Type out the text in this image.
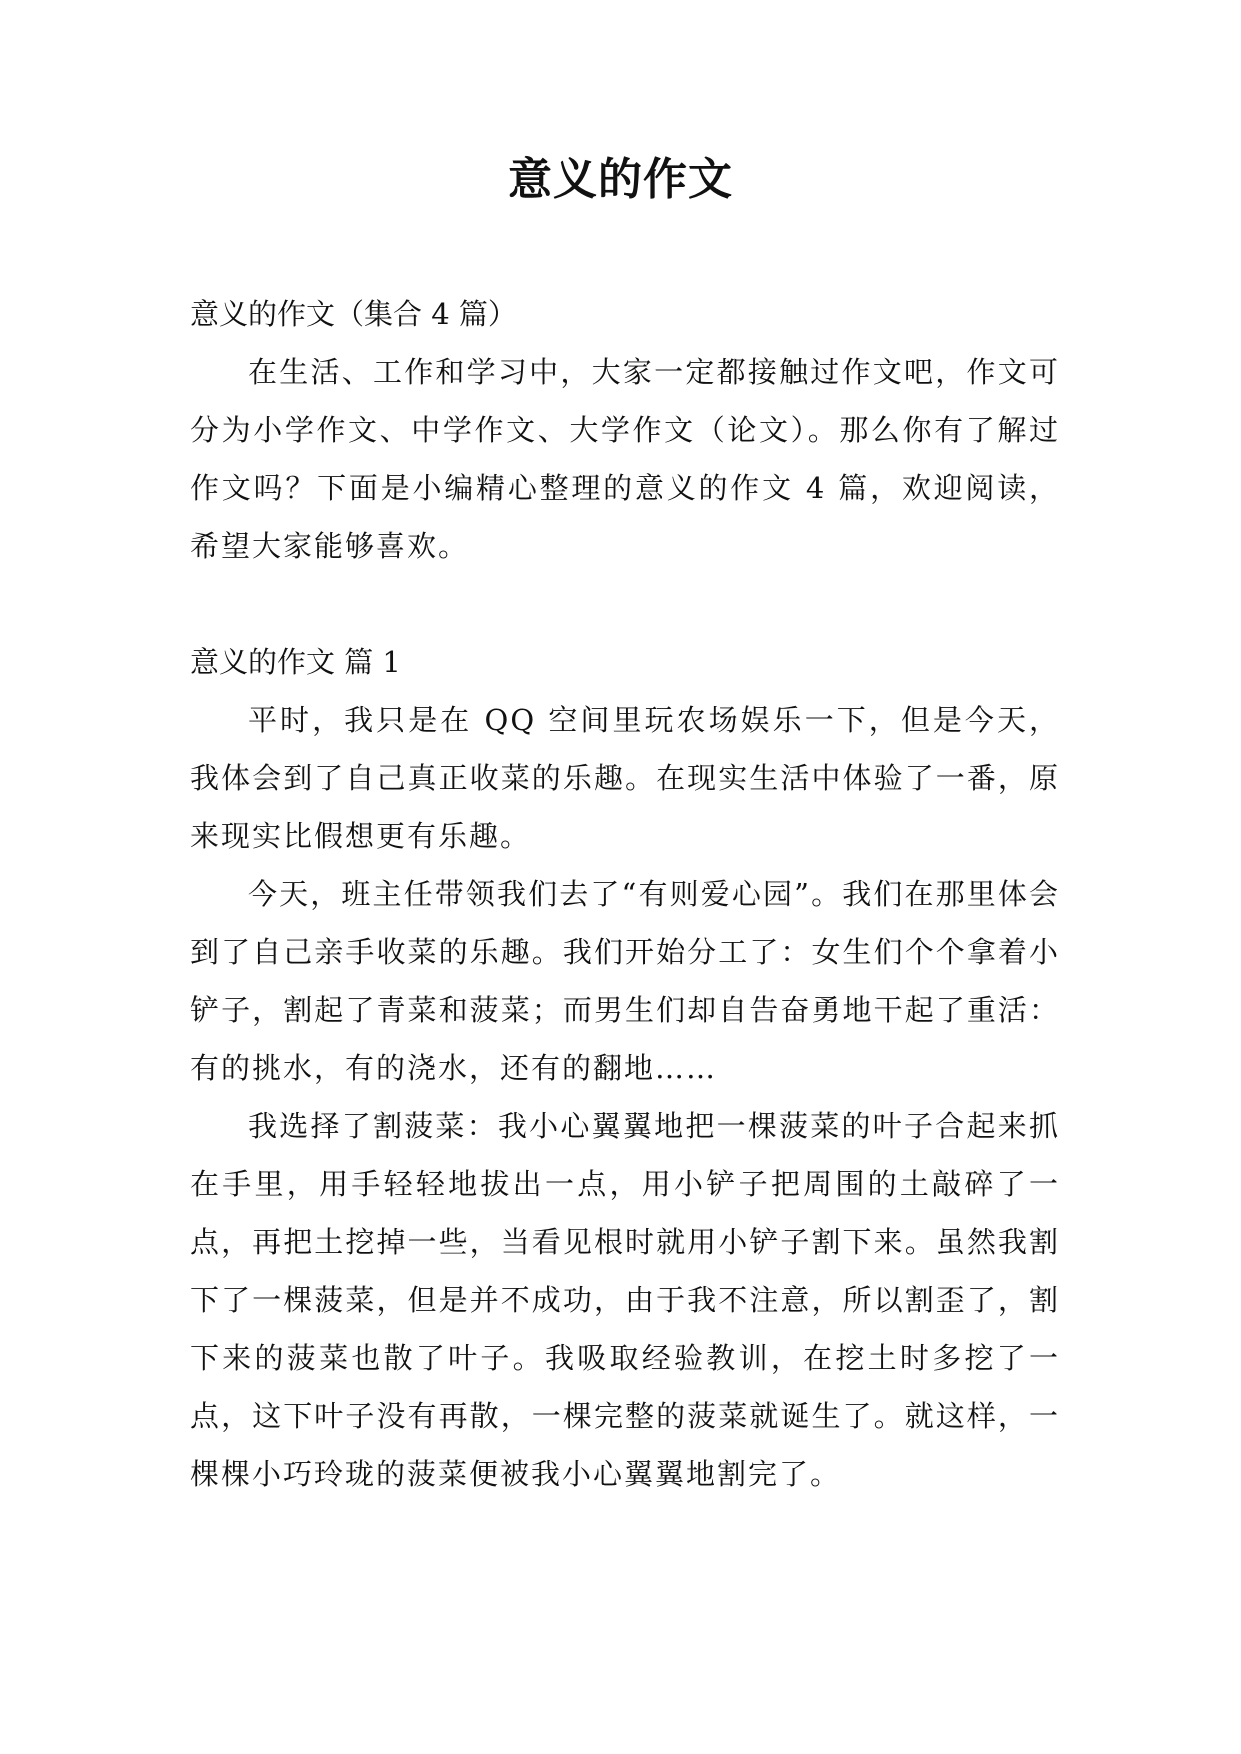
意义的作文

意义的作文（集合 4 篇）

在生活、工作和学习中，大家一定都接触过作文吧，作文可分为小学作文、中学作文、大学作文（论文）。那么你有了解过作文吗？下面是小编精心整理的意义的作文 4 篇，欢迎阅读，希望大家能够喜欢。

意义的作文 篇 1

平时，我只是在 QQ 空间里玩农场娱乐一下，但是今天，我体会到了自己真正收菜的乐趣。在现实生活中体验了一番，原来现实比假想更有乐趣。

今天，班主任带领我们去了“有则爱心园”。我们在那里体会到了自己亲手收菜的乐趣。我们开始分工了：女生们个个拿着小铲子，割起了青菜和菠菜；而男生们却自告奋勇地干起了重活：有的挑水，有的浇水，还有的翻地……

我选择了割菠菜：我小心翼翼地把一棵菠菜的叶子合起来抓在手里，用手轻轻地拔出一点，用小铲子把周围的土敲碎了一点，再把土挖掉一些，当看见根时就用小铲子割下来。虽然我割下了一棵菠菜，但是并不成功，由于我不注意，所以割歪了，割下来的菠菜也散了叶子。我吸取经验教训，在挖土时多挖了一点，这下叶子没有再散，一棵完整的菠菜就诞生了。就这样，一棵棵小巧玲珑的菠菜便被我小心翼翼地割完了。
